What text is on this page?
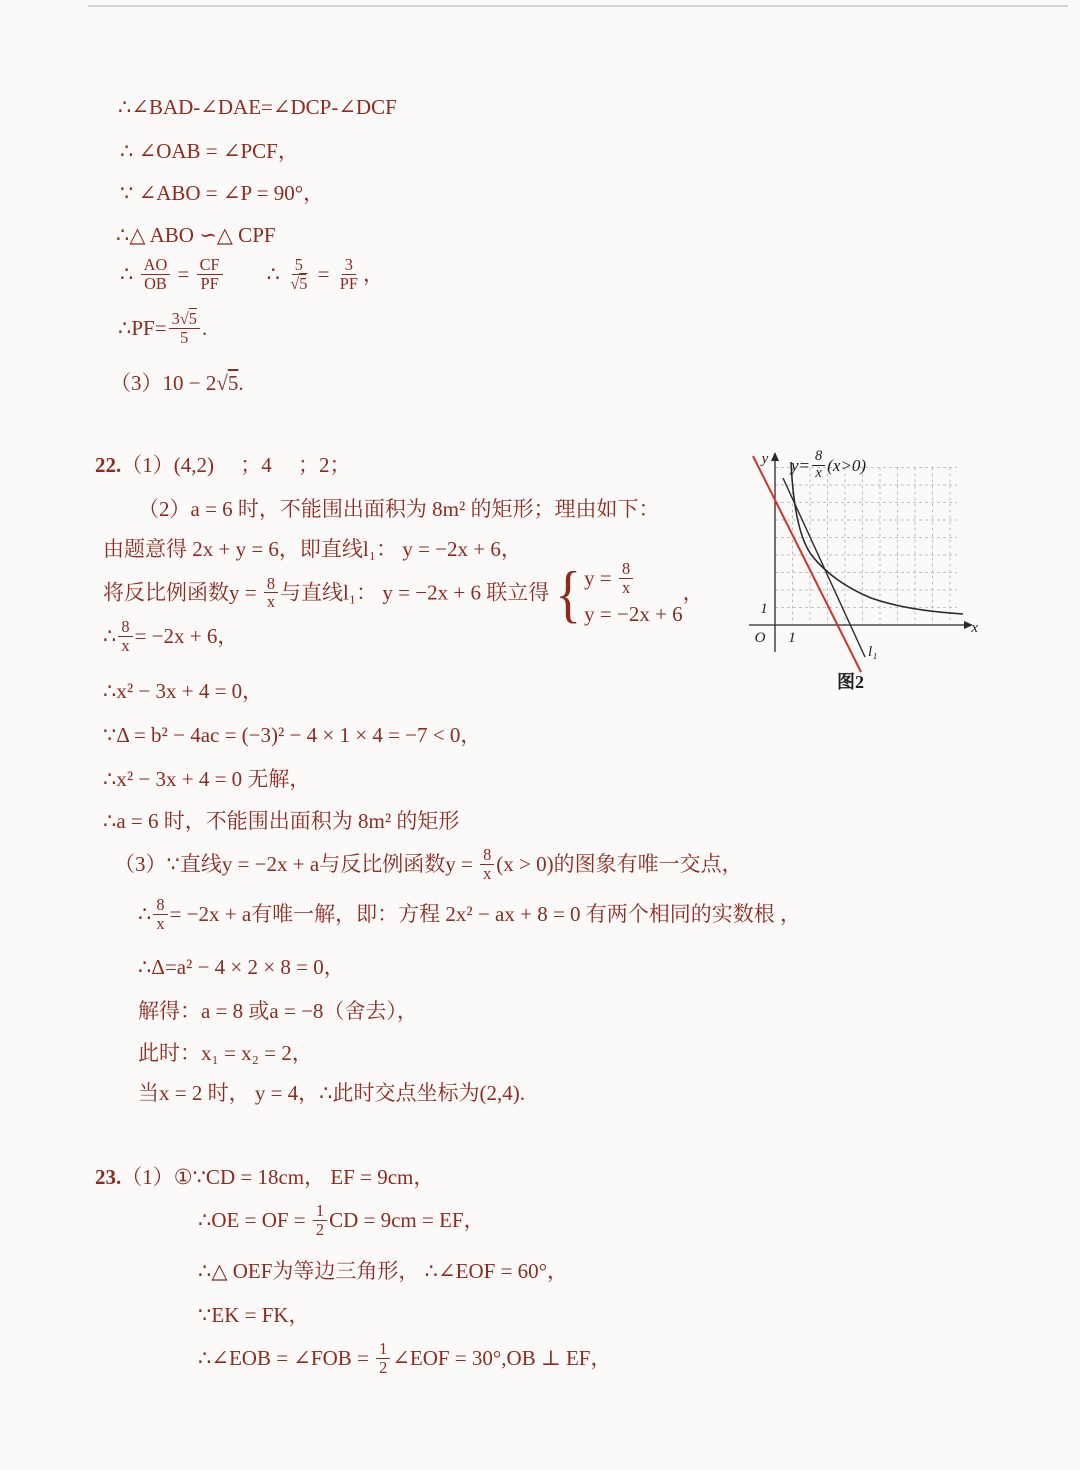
∴∠BAD-∠DAE=∠DCP-∠DCF
∴ ∠OAB = ∠PCF，
∵ ∠ABO = ∠P = 90°，
∴△ ABO ∽△ CPF
∴ $\frac{AO}{OB} = \frac{CF}{PF}$ 　　∴ $\frac{5}{√5} = \frac{3}{PF}$ ，
∴PF= $\frac{3√5}{5}$ .
（3）10 − 2√5.
22.（1）(4,2)　 ；4　 ；2；
（2）a = 6 时，不能围出面积为 8m² 的矩形；理由如下：
由题意得 2x + y = 6，即直线l₁： y = −2x + 6，
将反比例函数$y = \frac{8}{x}$ 与直线l₁： y = −2x + 6 联立得 { $y = \frac{8}{x}$
y = −2x + 6
，
∴ $\frac{8}{x} = -2x + 6$，
∴x² − 3x + 4 = 0，
∵Δ = b² − 4ac = (−3)² − 4 × 1 × 4 = −7 < 0，
∴x² − 3x + 4 = 0 无解，
∴a = 6 时，不能围出面积为 8m² 的矩形
（3）∵直线y = −2x + a与反比例函数$y = \frac{8}{x} (x > 0)$的图象有唯一交点，
∴ $\frac{8}{x} = -2x + a$有唯一解，即：方程 2x² − ax + 8 = 0 有两个相同的实数根 ，
∴Δ=a² − 4 × 2 × 8 = 0，
解得：a = 8 或a = −8（舍去），
此时：x₁ = x₂ = 2，
当x = 2 时， y = 4，∴此时交点坐标为(2,4).
23.（1）①∵CD = 18cm， EF = 9cm，
∴OE = OF = $\frac{1}{2}$ CD = 9cm = EF，
∴△ OEF为等边三角形， ∴∠EOF = 60°，
∵EK = FK，
∴∠EOB = ∠FOB = $\frac{1}{2}$ ∠EOF = 30°,OB ⊥ EF，
y
x
O
1
1
l₁
$y= \frac{8}{x} (x>0)$
图2
